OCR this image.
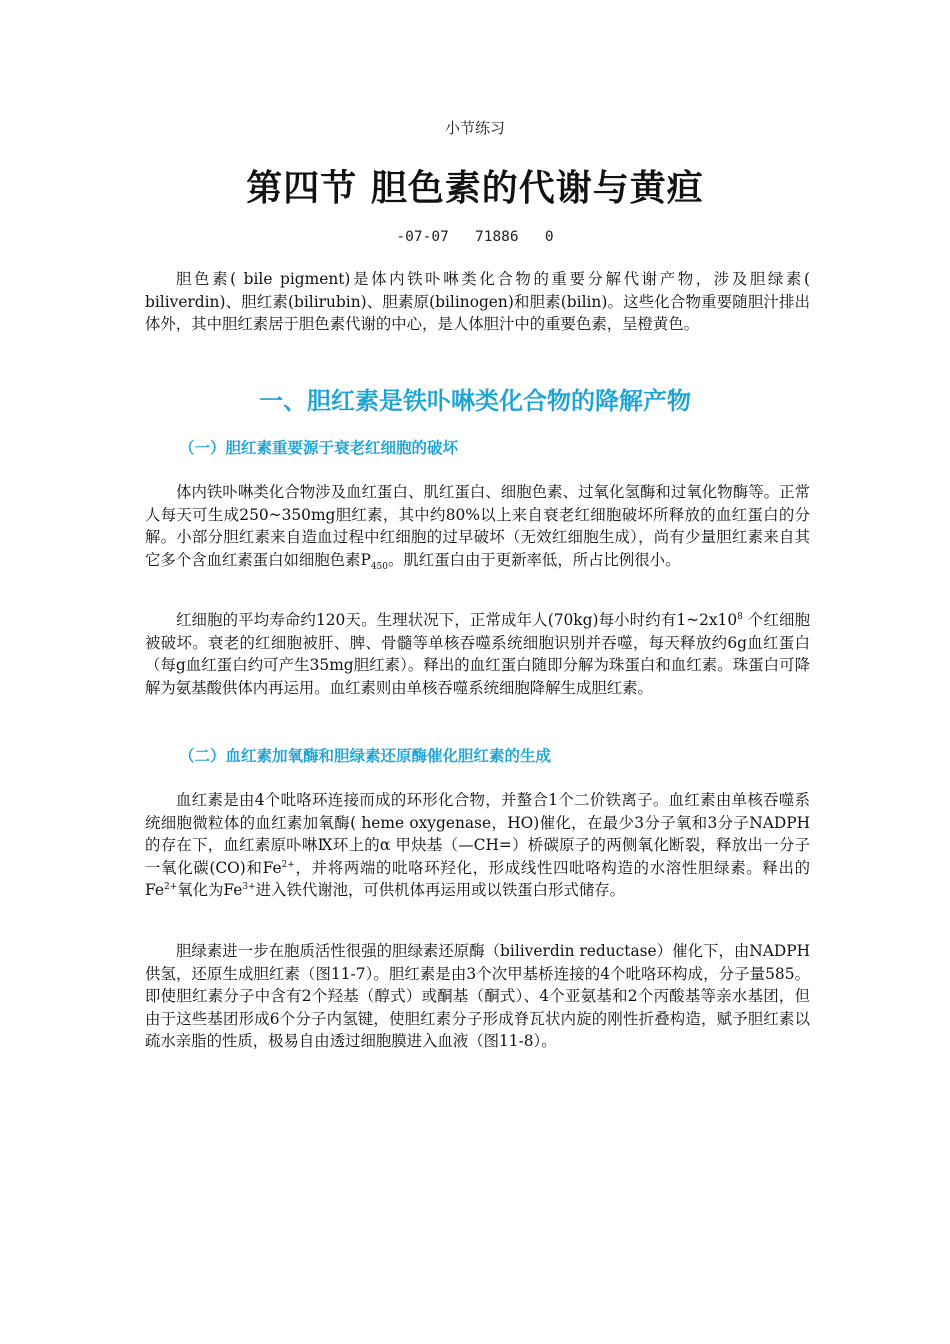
小节练习
第四节 胆色素的代谢与黄疸
-07-07   71886   0

胆色素( bile pigment)是体内铁卟啉类化合物的重要分解代谢产物，涉及胆绿素( biliverdin)、胆红素(bilirubin)、胆素原(bilinogen)和胆素(bilin)。这些化合物重要随胆汁排出体外，其中胆红素居于胆色素代谢的中心，是人体胆汁中的重要色素，呈橙黄色。

一、胆红素是铁卟啉类化合物的降解产物
（一）胆红素重要源于衰老红细胞的破坏

体内铁卟啉类化合物涉及血红蛋白、肌红蛋白、细胞色素、过氧化氢酶和过氧化物酶等。正常人每天可生成250~350mg胆红素，其中约80%以上来自衰老红细胞破坏所释放的血红蛋白的分解。小部分胆红素来自造血过程中红细胞的过早破坏（无效红细胞生成），尚有少量胆红素来自其它多个含血红素蛋白如细胞色素$P_{450}$。肌红蛋白由于更新率低，所占比例很小。

红细胞的平均寿命约120天。生理状况下，正常成年人(70kg)每小时约有$1\sim 2x10^8$ 个红细胞被破坏。衰老的红细胞被肝、脾、骨髓等单核吞噬系统细胞识别并吞噬，每天释放约6g血红蛋白（每g血红蛋白约可产生35mg胆红素）。释出的血红蛋白随即分解为珠蛋白和血红素。珠蛋白可降解为氨基酸供体内再运用。血红素则由单核吞噬系统细胞降解生成胆红素。

（二）血红素加氧酶和胆绿素还原酶催化胆红素的生成

血红素是由4个吡咯环连接而成的环形化合物，并螯合1个二价铁离子。血红素由单核吞噬系统细胞微粒体的血红素加氧酶( heme oxygenase，HO)催化，在最少3分子氧和3分子NADPH的存在下，血红素原卟啉Ⅸ环上的α 甲炔基（—CH=）桥碳原子的两侧氧化断裂，释放出一分子一氧化碳(CO)和$Fe^{2+}$，并将两端的吡咯环羟化，形成线性四吡咯构造的水溶性胆绿素。释出的$Fe^{2+}$氧化为$Fe^{3+}$进入铁代谢池，可供机体再运用或以铁蛋白形式储存。

胆绿素进一步在胞质活性很强的胆绿素还原酶（biliverdin reductase）催化下，由NADPH供氢，还原生成胆红素（图11-7）。胆红素是由3个次甲基桥连接的4个吡咯环构成，分子量585。 即使胆红素分子中含有2个羟基（醇式）或酮基（酮式）、4个亚氨基和2个丙酸基等亲水基团，但由于这些基团形成6个分子内氢键，使胆红素分子形成脊瓦状内旋的刚性折叠构造，赋予胆红素以疏水亲脂的性质，极易自由透过细胞膜进入血液（图11-8）。
